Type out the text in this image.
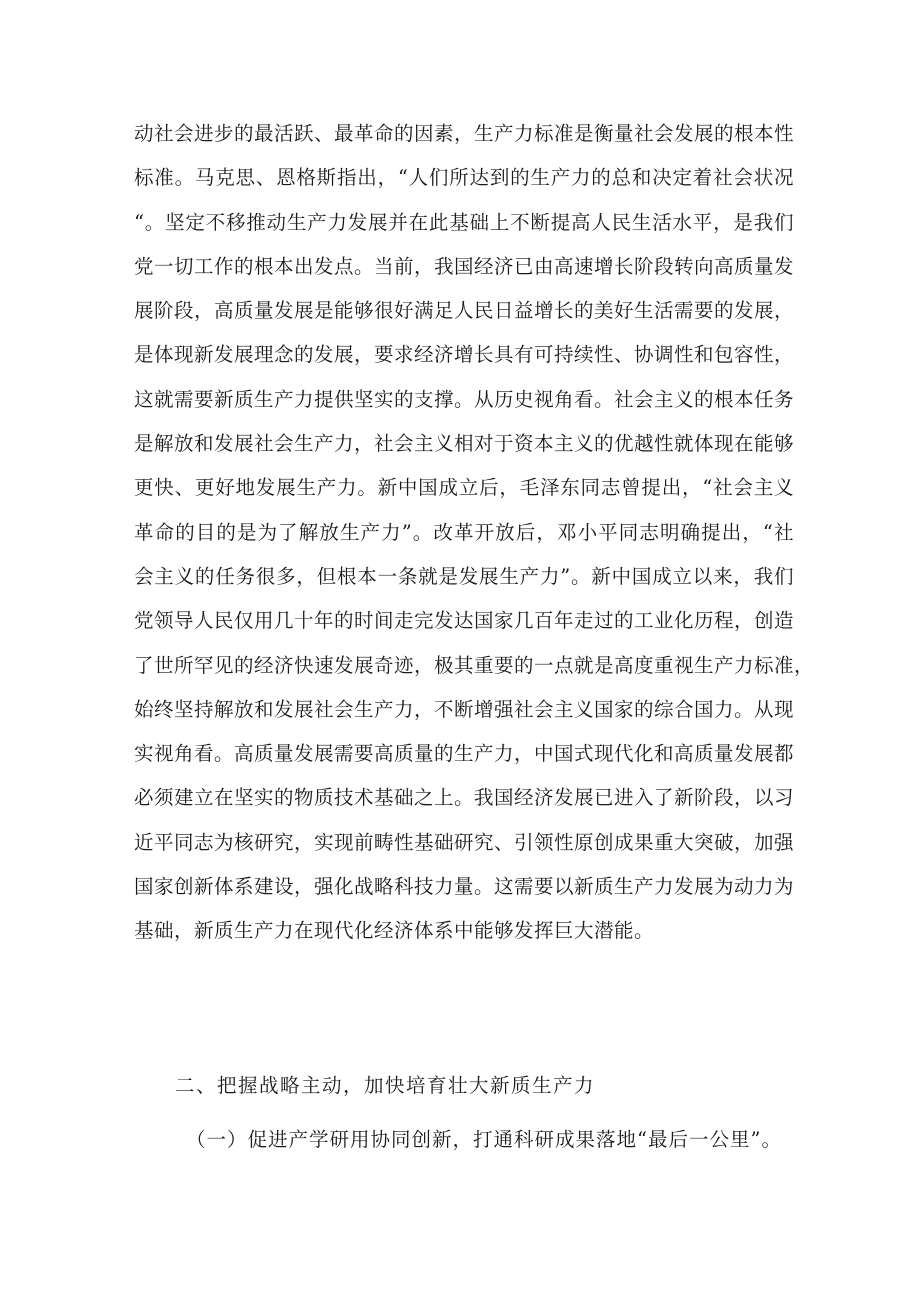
动社会进步的最活跃、最革命的因素，生产力标准是衡量社会发展的根本性
标准。马克思、恩格斯指出，“人们所达到的生产力的总和决定着社会状况
“。坚定不移推动生产力发展并在此基础上不断提高人民生活水平，是我们
党一切工作的根本出发点。当前，我国经济已由高速增长阶段转向高质量发
展阶段，高质量发展是能够很好满足人民日益增长的美好生活需要的发展，
是体现新发展理念的发展，要求经济增长具有可持续性、协调性和包容性，
这就需要新质生产力提供坚实的支撑。从历史视角看。社会主义的根本任务
是解放和发展社会生产力，社会主义相对于资本主义的优越性就体现在能够
更快、更好地发展生产力。新中国成立后，毛泽东同志曾提出，“社会主义
革命的目的是为了解放生产力”。改革开放后，邓小平同志明确提出，“社
会主义的任务很多，但根本一条就是发展生产力”。新中国成立以来，我们
党领导人民仅用几十年的时间走完发达国家几百年走过的工业化历程，创造
了世所罕见的经济快速发展奇迹，极其重要的一点就是高度重视生产力标准，
始终坚持解放和发展社会生产力，不断增强社会主义国家的综合国力。从现
实视角看。高质量发展需要高质量的生产力，中国式现代化和高质量发展都
必须建立在坚实的物质技术基础之上。我国经济发展已进入了新阶段，以习
近平同志为核研究，实现前畴性基础研究、引领性原创成果重大突破，加强
国家创新体系建设，强化战略科技力量。这需要以新质生产力发展为动力为
基础，新质生产力在现代化经济体系中能够发挥巨大潜能。
二、把握战略主动，加快培育壮大新质生产力
（一）促进产学研用协同创新，打通科研成果落地“最后一公里”。
